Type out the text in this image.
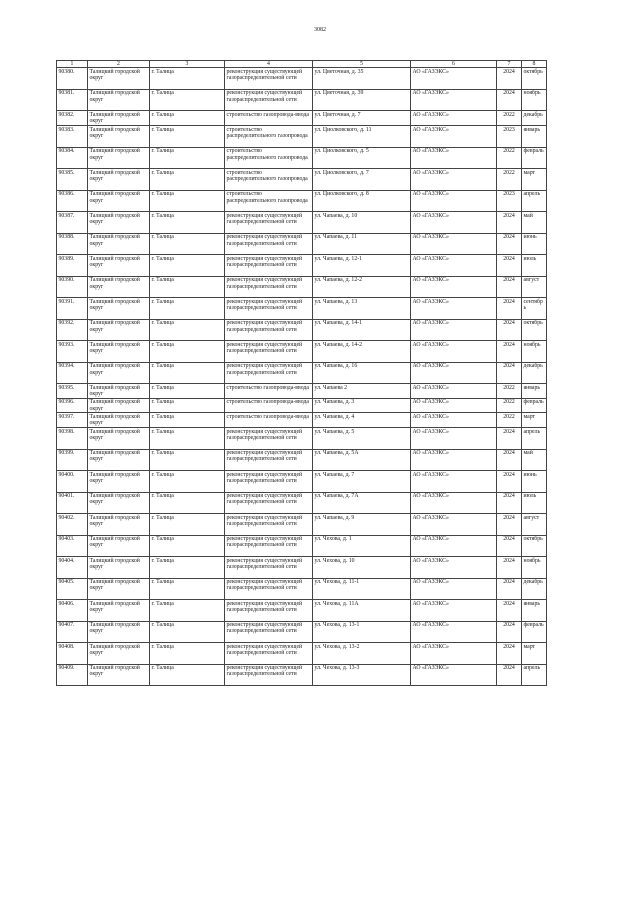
3082
1	2	3	4	5	6	7	8
90380.	Талицкий городской округ	г. Талица	реконструкция существующей газораспределительной сети	ул. Цветочная, д. 35	АО «ГАЗЭКС»	2024	октябрь
90381.	Талицкий городской округ	г. Талица	реконструкция существующей газораспределительной сети	ул. Цветочная, д. 39	АО «ГАЗЭКС»	2024	ноябрь
90382.	Талицкий городской округ	г. Талица	строительство газопровода-ввода	ул. Цветочная, д. 7	АО «ГАЗЭКС»	2022	декабрь
90383.	Талицкий городской округ	г. Талица	строительство распределительного газопровода	ул. Циолковского, д. 11	АО «ГАЗЭКС»	2023	январь
90384.	Талицкий городской округ	г. Талица	строительство распределительного газопровода	ул. Циолковского, д. 5	АО «ГАЗЭКС»	2022	февраль
90385.	Талицкий городской округ	г. Талица	строительство распределительного газопровода	ул. Циолковского, д. 7	АО «ГАЗЭКС»	2022	март
90386.	Талицкий городской округ	г. Талица	строительство распределительного газопровода	ул. Циолковского, д. 8	АО «ГАЗЭКС»	2023	апрель
90387.	Талицкий городской округ	г. Талица	реконструкция существующей газораспределительной сети	ул. Чапаева, д. 10	АО «ГАЗЭКС»	2024	май
90388.	Талицкий городской округ	г. Талица	реконструкция существующей газораспределительной сети	ул. Чапаева, д. 11	АО «ГАЗЭКС»	2024	июнь
90389.	Талицкий городской округ	г. Талица	реконструкция существующей газораспределительной сети	ул. Чапаева, д. 12-1	АО «ГАЗЭКС»	2024	июль
90390.	Талицкий городской округ	г. Талица	реконструкция существующей газораспределительной сети	ул. Чапаева, д. 12-2	АО «ГАЗЭКС»	2024	август
90391.	Талицкий городской округ	г. Талица	реконструкция существующей газораспределительной сети	ул. Чапаева, д. 13	АО «ГАЗЭКС»	2024	сентябрь
90392.	Талицкий городской округ	г. Талица	реконструкция существующей газораспределительной сети	ул. Чапаева, д. 14-1	АО «ГАЗЭКС»	2024	октябрь
90393.	Талицкий городской округ	г. Талица	реконструкция существующей газораспределительной сети	ул. Чапаева, д. 14-2	АО «ГАЗЭКС»	2024	ноябрь
90394.	Талицкий городской округ	г. Талица	реконструкция существующей газораспределительной сети	ул. Чапаева, д. 16	АО «ГАЗЭКС»	2024	декабрь
90395.	Талицкий городской округ	г. Талица	строительство газопровода-ввода	ул. Чапаева 2	АО «ГАЗЭКС»	2022	январь
90396.	Талицкий городской округ	г. Талица	строительство газопровода-ввода	ул. Чапаева, д. 3	АО «ГАЗЭКС»	2022	февраль
90397.	Талицкий городской округ	г. Талица	строительство газопровода-ввода	ул. Чапаева, д. 4	АО «ГАЗЭКС»	2022	март
90398.	Талицкий городской округ	г. Талица	реконструкция существующей газораспределительной сети	ул. Чапаева, д. 5	АО «ГАЗЭКС»	2024	апрель
90399.	Талицкий городской округ	г. Талица	реконструкция существующей газораспределительной сети	ул. Чапаева, д. 5А	АО «ГАЗЭКС»	2024	май
90400.	Талицкий городской округ	г. Талица	реконструкция существующей газораспределительной сети	ул. Чапаева, д. 7	АО «ГАЗЭКС»	2024	июнь
90401.	Талицкий городской округ	г. Талица	реконструкция существующей газораспределительной сети	ул. Чапаева, д. 7А	АО «ГАЗЭКС»	2024	июль
90402.	Талицкий городской округ	г. Талица	реконструкция существующей газораспределительной сети	ул. Чапаева, д. 9	АО «ГАЗЭКС»	2024	август
90403.	Талицкий городской округ	г. Талица	реконструкция существующей газораспределительной сети	ул. Чехова, д. 1	АО «ГАЗЭКС»	2024	октябрь
90404.	Талицкий городской округ	г. Талица	реконструкция существующей газораспределительной сети	ул. Чехова, д. 10	АО «ГАЗЭКС»	2024	ноябрь
90405.	Талицкий городской округ	г. Талица	реконструкция существующей газораспределительной сети	ул. Чехова, д. 11-1	АО «ГАЗЭКС»	2024	декабрь
90406.	Талицкий городской округ	г. Талица	реконструкция существующей газораспределительной сети	ул. Чехова, д. 11А	АО «ГАЗЭКС»	2024	январь
90407.	Талицкий городской округ	г. Талица	реконструкция существующей газораспределительной сети	ул. Чехова, д. 13-1	АО «ГАЗЭКС»	2024	февраль
90408.	Талицкий городской округ	г. Талица	реконструкция существующей газораспределительной сети	ул. Чехова, д. 13-2	АО «ГАЗЭКС»	2024	март
90409.	Талицкий городской округ	г. Талица	реконструкция существующей газораспределительной сети	ул. Чехова, д. 13-3	АО «ГАЗЭКС»	2024	апрель
